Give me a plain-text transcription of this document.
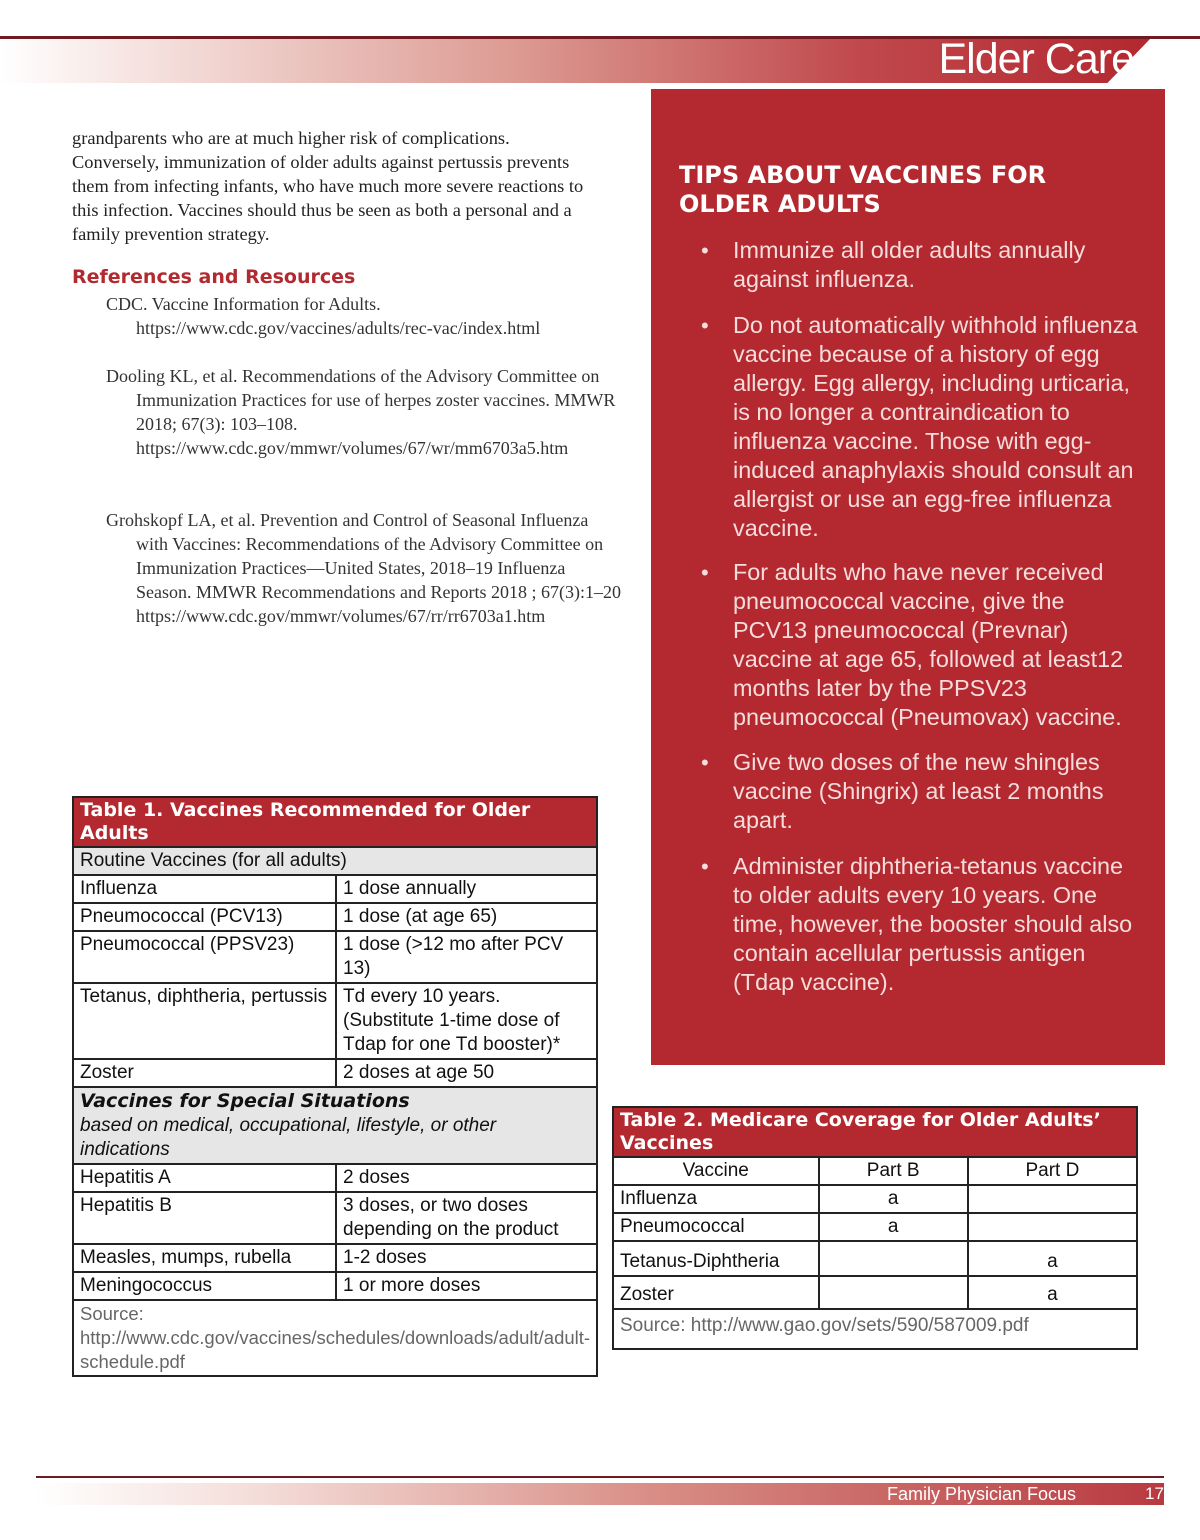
Elder Care

grandparents who are at much higher risk of complications. Conversely, immunization of older adults against pertussis prevents them from infecting infants, who have much more severe reactions to this infection. Vaccines should thus be seen as both a personal and a family prevention strategy.

References and Resources

CDC. Vaccine Information for Adults. https://www.cdc.gov/vaccines/adults/rec-vac/index.html

Dooling KL, et al. Recommendations of the Advisory Committee on Immunization Practices for use of herpes zoster vaccines. MMWR 2018; 67(3): 103–108. https://www.cdc.gov/mmwr/volumes/67/wr/mm6703a5.htm

Grohskopf LA, et al. Prevention and Control of Seasonal Influenza with Vaccines: Recommendations of the Advisory Committee on Immunization Practices—United States, 2018–19 Influenza Season. MMWR Recommendations and Reports 2018 ; 67(3):1–20 https://www.cdc.gov/mmwr/volumes/67/rr/rr6703a1.htm

TIPS ABOUT VACCINES FOR OLDER ADULTS
• Immunize all older adults annually against influenza.
• Do not automatically withhold influenza vaccine because of a history of egg allergy. Egg allergy, including urticaria, is no longer a contraindication to influenza vaccine. Those with egg-induced anaphylaxis should consult an allergist or use an egg-free influenza vaccine.
• For adults who have never received pneumococcal vaccine, give the PCV13 pneumococcal (Prevnar) vaccine at age 65, followed at least12 months later by the PPSV23 pneumococcal (Pneumovax) vaccine.
• Give two doses of the new shingles vaccine (Shingrix) at least 2 months apart.
• Administer diphtheria-tetanus vaccine to older adults every 10 years. One time, however, the booster should also contain acellular pertussis antigen (Tdap vaccine).
Table 1. Vaccines Recommended for Older Adults	
Routine Vaccines (for all adults)	
Influenza	1 dose annually
Pneumococcal (PCV13)	1 dose (at age 65)
Pneumococcal (PPSV23)	1 dose (>12 mo after PCV 13)
Tetanus, diphtheria, pertussis	Td every 10 years. (Substitute 1-time dose of Tdap for one Td booster)*
Zoster	2 doses at age 50
Vaccines for Special Situations
based on medical, occupational, lifestyle, or other indications	
Hepatitis A	2 doses
Hepatitis B	3 doses, or two doses depending on the product
Measles, mumps, rubella	1-2 doses
Meningococcus	1 or more doses
Source: http://www.cdc.gov/vaccines/schedules/downloads/adult/adult-schedule.pdf	
Table 2. Medicare Coverage for Older Adults’ Vaccines		
Vaccine	Part B	Part D
Influenza	a	
Pneumococcal	a	
Tetanus-Diphtheria		a
Zoster		a
Source: http://www.gao.gov/sets/590/587009.pdf		
Family Physician Focus	17
